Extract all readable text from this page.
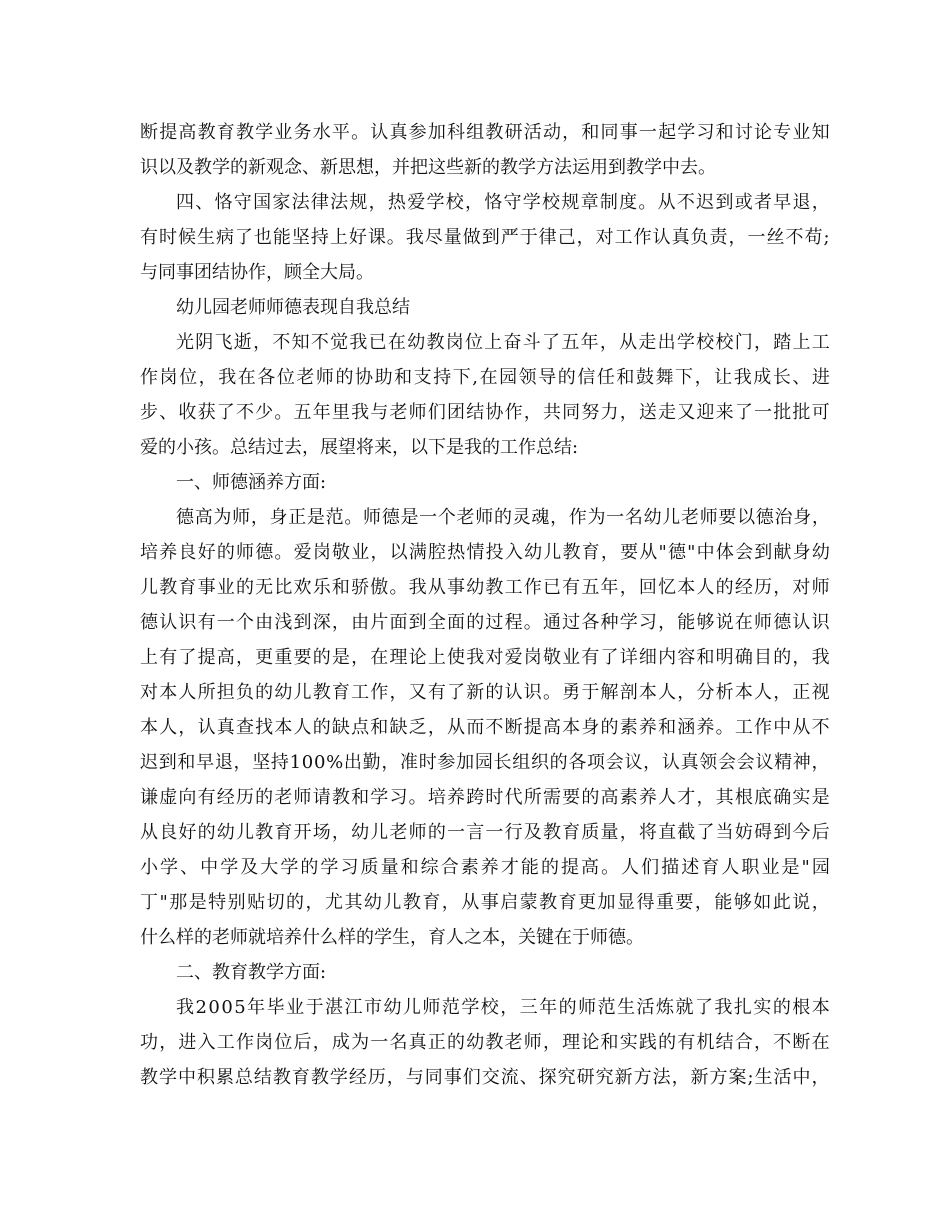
断 提 高 教 育 教 学 业 务 水 平 。 认 真 参 加 科 组 教 研 活 动 ， 和 同 事 一 起 学 习 和 讨 论 专 业 知
识以及教学的新观念、新思想，并把这些新的教学方法运用到教学中去。
四 、 恪 守 国 家 法 律 法 规 ， 热 爱 学 校 ， 恪 守 学 校 规 章 制 度 。 从 不 迟 到 或 者 早 退 ，
有 时 候 生 病 了 也 能 坚 持 上 好 课 。 我 尽 量 做 到 严 于 律 己 ， 对 工 作 认 真 负 责 ， 一 丝 不 苟 ;
与同事团结协作，顾全大局。
幼儿园老师师德表现自我总结
光 阴 飞 逝 ， 不 知 不 觉 我 已 在 幼 教 岗 位 上 奋 斗 了 五 年 ， 从 走 出 学 校 校 门 ， 踏 上 工
作 岗 位 ， 我 在 各 位 老 师 的 协 助 和 支 持 下 , 在 园 领 导 的 信 任 和 鼓 舞 下 ， 让 我 成 长 、 进
步 、 收 获 了 不 少 。 五 年 里 我 与 老 师 们 团 结 协 作 ， 共 同 努 力 ， 送 走 又 迎 来 了 一 批 批 可
爱的小孩。总结过去，展望将来，以下是我的工作总结:
一、师德涵养方面:
德 高 为 师 ， 身 正 是 范 。 师 德 是 一 个 老 师 的 灵 魂 ， 作 为 一 名 幼 儿 老 师 要 以 德 治 身 ，
培 养 良 好 的 师 德 。 爱 岗 敬 业 ， 以 满 腔 热 情 投 入 幼 儿 教 育 ， 要 从 " 德 " 中 体 会 到 献 身 幼
儿 教 育 事 业 的 无 比 欢 乐 和 骄 傲 。 我 从 事 幼 教 工 作 已 有 五 年 ， 回 忆 本 人 的 经 历 ， 对 师
德 认 识 有 一 个 由 浅 到 深 ， 由 片 面 到 全 面 的 过 程 。 通 过 各 种 学 习 ， 能 够 说 在 师 德 认 识
上 有 了 提 高 ， 更 重 要 的 是 ， 在 理 论 上 使 我 对 爱 岗 敬 业 有 了 详 细 内 容 和 明 确 目 的 ， 我
对 本 人 所 担 负 的 幼 儿 教 育 工 作 ， 又 有 了 新 的 认 识 。 勇 于 解 剖 本 人 ， 分 析 本 人 ， 正 视
本 人 ， 认 真 查 找 本 人 的 缺 点 和 缺 乏 ， 从 而 不 断 提 高 本 身 的 素 养 和 涵 养 。 工 作 中 从 不
迟 到 和 早 退 ， 坚 持 1 0 0 % 出 勤 ， 准 时 参 加 园 长 组 织 的 各 项 会 议 ， 认 真 领 会 会 议 精 神 ，
谦 虚 向 有 经 历 的 老 师 请 教 和 学 习 。 培 养 跨 时 代 所 需 要 的 高 素 养 人 才 ， 其 根 底 确 实 是
从 良 好 的 幼 儿 教 育 开 场 ， 幼 儿 老 师 的 一 言 一 行 及 教 育 质 量 ， 将 直 截 了 当 妨 碍 到 今 后
小 学 、 中 学 及 大 学 的 学 习 质 量 和 综 合 素 养 才 能 的 提 高 。 人 们 描 述 育 人 职 业 是 " 园
丁 " 那 是 特 别 贴 切 的 ， 尤 其 幼 儿 教 育 ， 从 事 启 蒙 教 育 更 加 显 得 重 要 ， 能 够 如 此 说 ，
什么样的老师就培养什么样的学生，育人之本，关键在于师德。
二、教育教学方面:
我 2 0 0 5 年 毕 业 于 湛 江 市 幼 儿 师 范 学 校 ， 三 年 的 师 范 生 活 炼 就 了 我 扎 实 的 根 本
功 ， 进 入 工 作 岗 位 后 ， 成 为 一 名 真 正 的 幼 教 老 师 ， 理 论 和 实 践 的 有 机 结 合 ， 不 断 在
教 学 中 积 累 总 结 教 育 教 学 经 历 ， 与 同 事 们 交 流 、 探 究 研 究 新 方 法 ， 新 方 案 ; 生 活 中 ，
